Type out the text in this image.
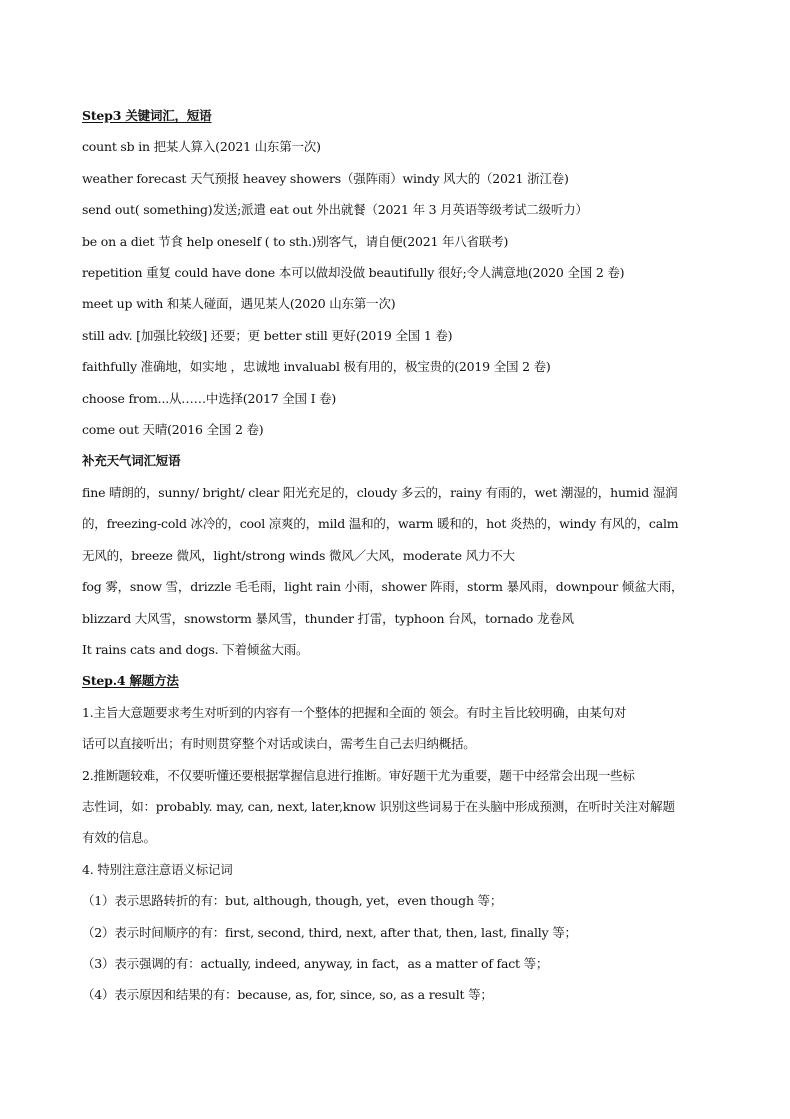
Step3 关键词汇，短语
count sb in 把某人算入(2021 山东第一次)
weather forecast 天气预报 heavey showers（强阵雨）windy 风大的（2021 浙江卷)
send out( something)发送;派遣 eat out 外出就餐（2021 年 3 月英语等级考试二级听力）
be on a diet 节食 help oneself ( to sth.)别客气，请自便(2021 年八省联考)
repetition 重复 could have done 本可以做却没做 beautifully 很好;令人满意地(2020 全国 2 卷)
meet up with 和某人碰面，遇见某人(2020 山东第一次)
still adv. [加强比较级] 还要；更 better still 更好(2019 全国 1 卷)
faithfully 准确地，如实地 ，忠诚地 invaluabl 极有用的，极宝贵的(2019 全国 2 卷)
choose from...从……中选择(2017 全国 I 卷)
come out 天晴(2016 全国 2 卷)
补充天气词汇短语
fine 晴朗的，sunny/ bright/ clear 阳光充足的，cloudy 多云的，rainy 有雨的，wet 潮湿的，humid 湿润
的，freezing-cold 冰冷的，cool 凉爽的，mild 温和的，warm 暖和的，hot 炎热的，windy 有风的，calm
无风的，breeze 微风，light/strong winds 微风／大风，moderate 风力不大
fog 雾，snow 雪，drizzle 毛毛雨，light rain 小雨，shower 阵雨，storm 暴风雨，downpour 倾盆大雨，
blizzard 大风雪，snowstorm 暴风雪，thunder 打雷，typhoon 台风，tornado 龙卷风
It rains cats and dogs. 下着倾盆大雨。
Step.4 解题方法
1.主旨大意题要求考生对听到的内容有一个整体的把握和全面的 领会。有时主旨比较明确，由某句对
话可以直接听出；有时则贯穿整个对话或读白，需考生自己去归纳概括。
2.推断题较难，不仅要听懂还要根据掌握信息进行推断。审好题干尤为重要，题干中经常会出现一些标
志性词，如：probably. may, can, next, later,know 识别这些词易于在头脑中形成预测，在听时关注对解题
有效的信息。
4. 特别注意注意语义标记词
（1）表示思路转折的有：but, although, though, yet，even though 等；
（2）表示时间顺序的有：first, second, third, next, after that, then, last, finally 等；
（3）表示强调的有：actually, indeed, anyway, in fact，as a matter of fact 等；
（4）表示原因和结果的有：because, as, for, since, so, as a result 等；
